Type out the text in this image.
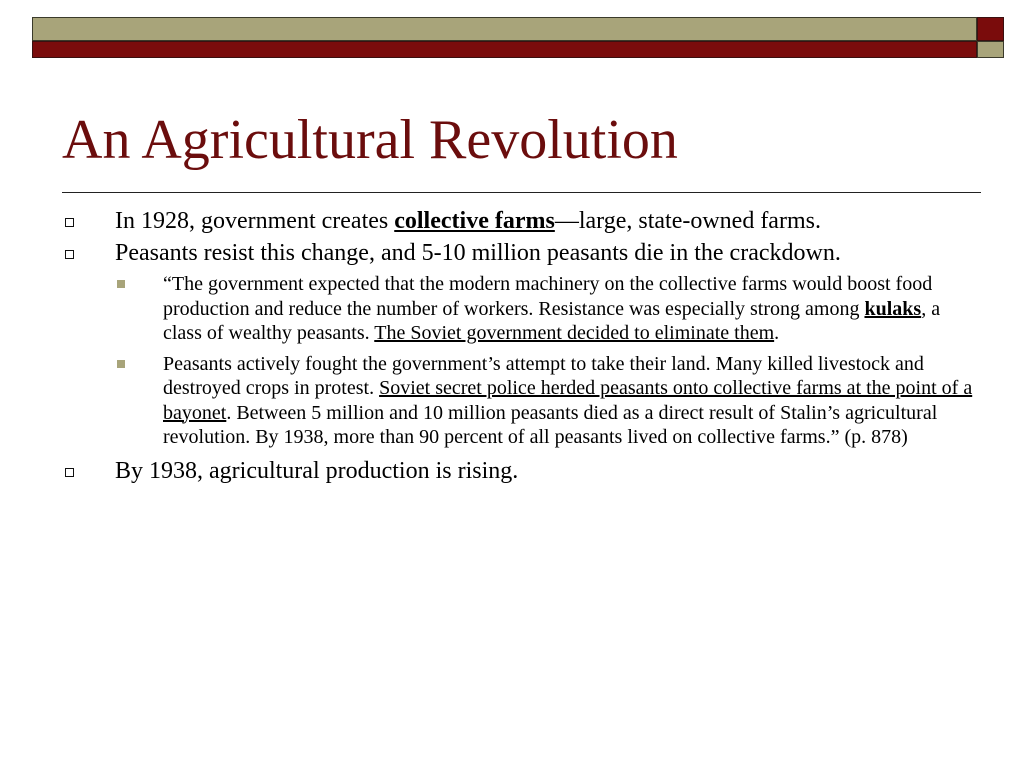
An Agricultural Revolution
In 1928, government creates collective farms—large, state-owned farms.
Peasants resist this change, and 5-10 million peasants die in the crackdown.
“The government expected that the modern machinery on the collective farms would boost food production and reduce the number of workers. Resistance was especially strong among kulaks, a class of wealthy peasants. The Soviet government decided to eliminate them.
Peasants actively fought the government’s attempt to take their land. Many killed livestock and destroyed crops in protest. Soviet secret police herded peasants onto collective farms at the point of a bayonet. Between 5 million and 10 million peasants died as a direct result of Stalin’s agricultural revolution. By 1938, more than 90 percent of all peasants lived on collective farms.” (p. 878)
By 1938, agricultural production is rising.
